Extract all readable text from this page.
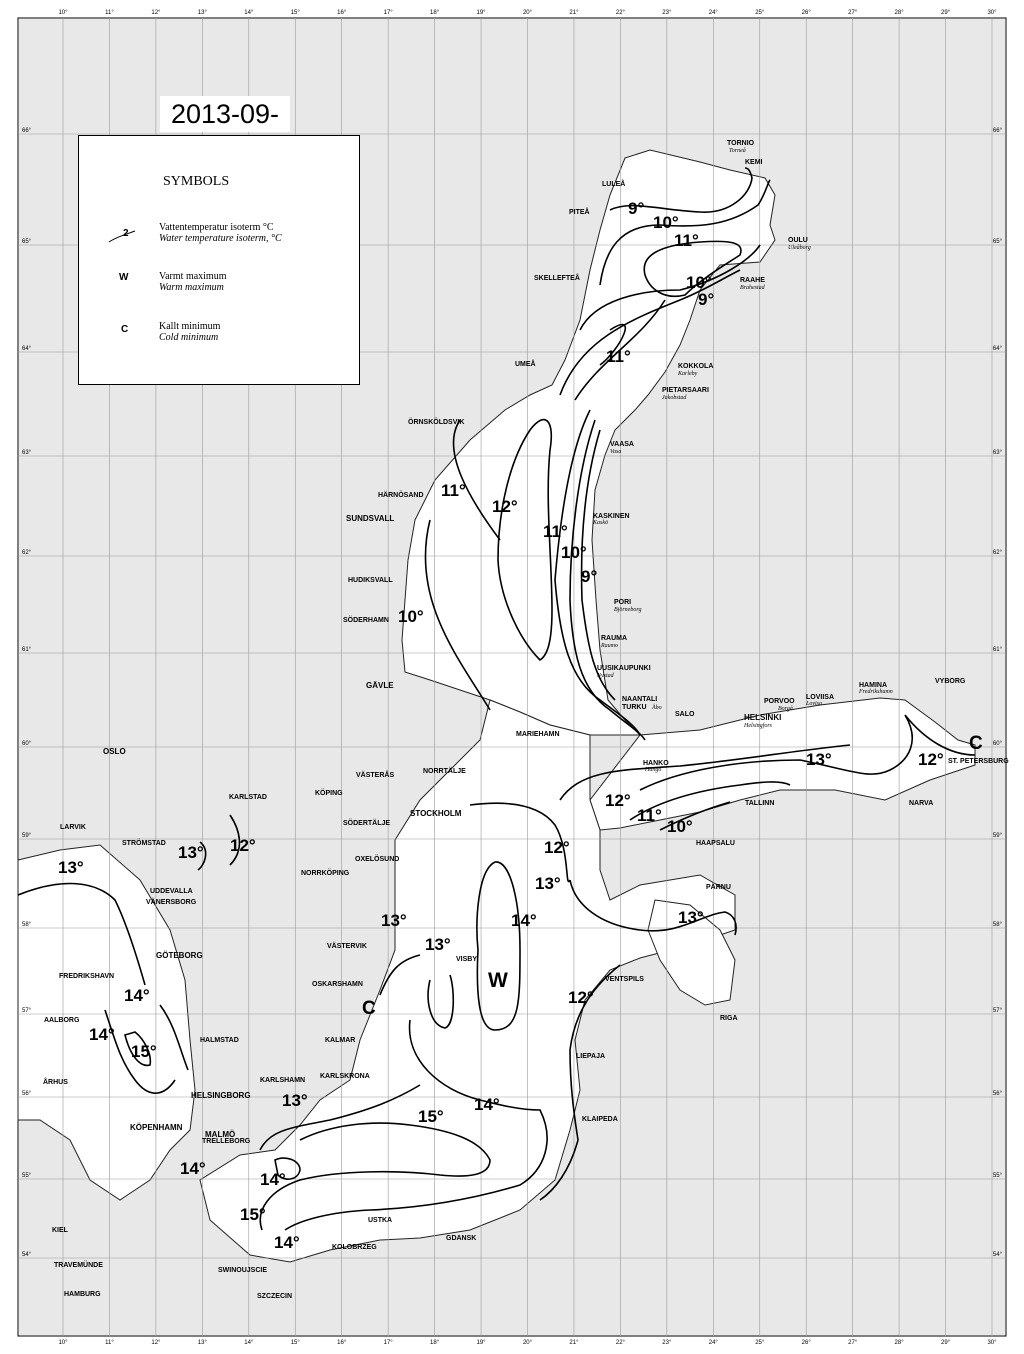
10°
10°
11°
11°
12°
12°
13°
13°
14°
14°
15°
15°
16°
16°
17°
17°
18°
18°
19°
19°
20°
20°
21°
21°
22°
22°
23°
23°
24°
24°
25°
25°
26°
26°
27°
27°
28°
28°
29°
29°
30°
30°
66°	66°
65°	65°
64°	64°
63°	63°
62°	62°
61°	61°
60°	60°
59°	59°
58°	58°
57°	57°
56°	56°
55°	55°
54°	54°
TORNIO
Torneå
KEMI
LULEÅ
PITEÅ
OULU
Uleåborg
SKELLEFTEÅ	RAAHE
Brahestad
UMEÅ	KOKKOLA
Karleby
PIETARSAARI
Jakobstad
ÖRNSKÖLDSVIK
VAASA
Vasa
HÄRNÖSAND
SUNDSVALL	KASKINEN
Kaskö
HUDIKSVALL
PORI
Björneborg
SÖDERHAMN
RAUMA
Raumo
UUSIKAUPUNKI
Nystad
GÄVLE
NAANTALI
TURKU Åbo
SALO
HAMINA
Fredrikshamn
VYBORG
PORVOO
Borgå
LOVIISA
Lovisa
HELSINKI
Helsingfors
MARIEHAMN
HANKO
Hangö
ST. PETERSBURG
OSLO
VÄSTERÅS
NORRTÄLJE
KARLSTAD
KÖPING
STOCKHOLM
TALLINN	NARVA
LARVIK
SÖDERTÄLJE
STRÖMSTAD	HAAPSALU
OXELÖSUND
NORRKÖPING
UDDEVALLA
VÄNERSBORG
PÄRNU
VÄSTERVIK
GÖTEBORG	VISBY
FREDRIKSHAVN	VENTSPILS
OSKARSHAMN
AALBORG	RIGA
HALMSTAD	KALMAR
LIEPAJA
ÅRHUS	KARLSHAMN
KARLSKRONA
HELSINGBORG
KLAIPEDA
KÖPENHAMN
MALMÖ
TRELLEBORG
KIEL
USTKA
GDANSK
KOLOBRZEG
TRAVEMÜNDE
SWINOUJSCIE
HAMBURG	SZCZECIN
9°
10°
11°
10°
9°
11°
11°
12°
11°
10°
9°
10°
12°
13°
12°
11°
10°
12°
13°
13°
12°
13°
12°
13°
13°
13°
14°
13°
14°
14°
15°
15°
14°
14°
14°
15°
14°
C
W
C
2013-09-
SYMBOLS
2
Vattentemperatur isoterm °C
Water temperature isoterm, °C
W	Varmt maximum
Warm maximum
C	Kallt minimum
Cold minimum
